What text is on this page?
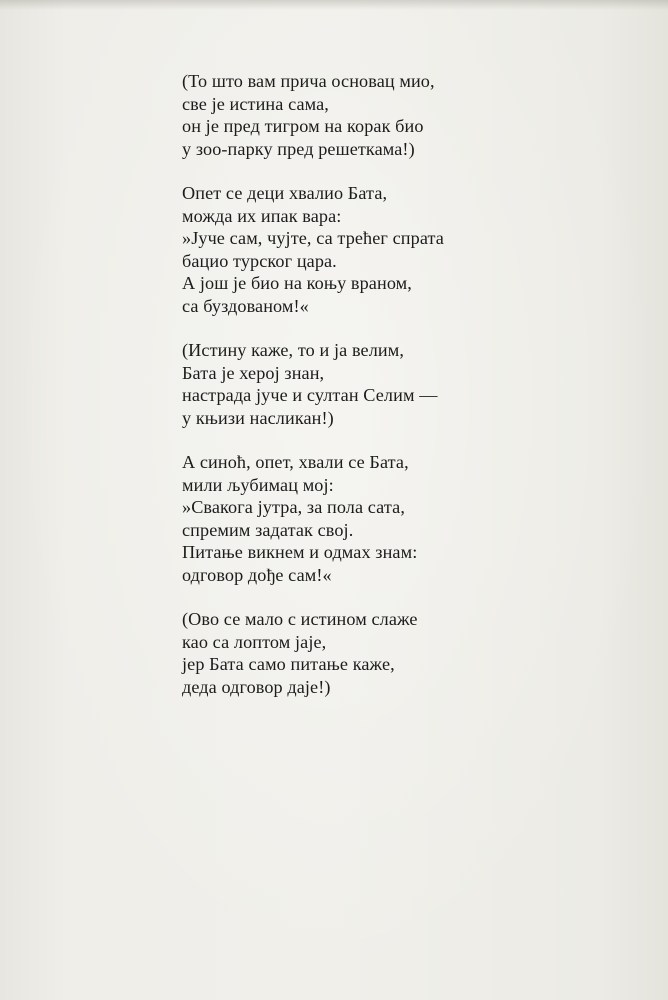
(То што вам прича основац мио,
све је истина сама,
он је пред тигром на корак био
у зоо-парку пред решеткама!)
Опет се деци хвалио Бата,
можда их ипак вара:
»Јуче сам, чујте, са трећег спрата
бацио турског цара.
А још је био на коњу враном,
са буздованом!«
(Истину каже, то и ја велим,
Бата је херој знан,
настрада јуче и султан Селим —
у књизи насликан!)
А синоћ, опет, хвали се Бата,
мили љубимац мој:
»Свакога јутра, за пола сата,
спремим задатак свој.
Питање викнем и одмах знам:
одговор дође сам!«
(Ово се мало с истином слаже
као са лоптом јаје,
јер Бата само питање каже,
деда одговор даје!)
